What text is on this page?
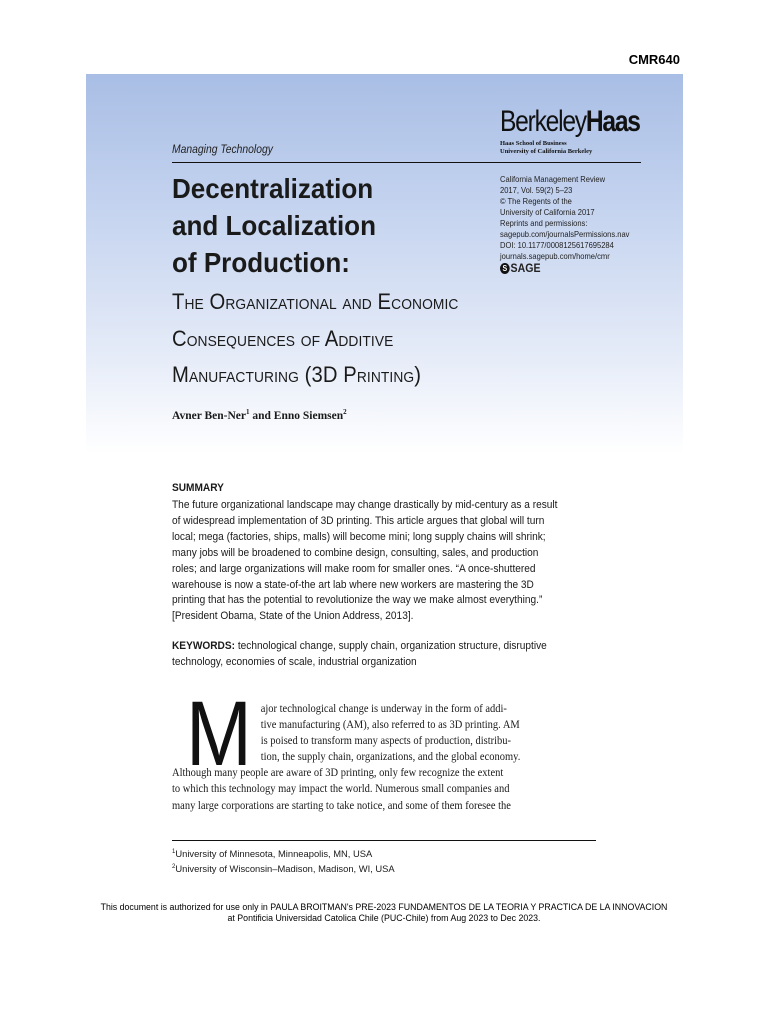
CMR640
BerkeleyHaas
Haas School of Business
University of California Berkeley
Managing Technology
Decentralization
and Localization
of Production:
California Management Review
2017, Vol. 59(2) 5–23
© The Regents of the
University of California 2017
Reprints and permissions:
sagepub.com/journalsPermissions.nav
DOI: 10.1177/0008125617695284
journals.sagepub.com/home/cmr
S SAGE
The Organizational and Economic
Consequences of Additive
Manufacturing (3D Printing)
Avner Ben-Ner$^1$ and Enno Siemsen$^2$
SUMMARY
The future organizational landscape may change drastically by mid-century as a result
of widespread implementation of 3D printing. This article argues that global will turn
local; mega (factories, ships, malls) will become mini; long supply chains will shrink;
many jobs will be broadened to combine design, consulting, sales, and production
roles; and large organizations will make room for smaller ones. “A once-shuttered
warehouse is now a state-of-the art lab where new workers are mastering the 3D
printing that has the potential to revolutionize the way we make almost everything.”
[President Obama, State of the Union Address, 2013].
KEYWORDS: technological change, supply chain, organization structure, disruptive
technology, economies of scale, industrial organization
M ajor technological change is underway in the form of addi-
tive manufacturing (AM), also referred to as 3D printing. AM
is poised to transform many aspects of production, distribu-
tion, the supply chain, organizations, and the global economy.
Although many people are aware of 3D printing, only few recognize the extent
to which this technology may impact the world. Numerous small companies and
many large corporations are starting to take notice, and some of them foresee the
$^1$University of Minnesota, Minneapolis, MN, USA
$^2$University of Wisconsin–Madison, Madison, WI, USA
This document is authorized for use only in PAULA BROITMAN's PRE-2023 FUNDAMENTOS DE LA TEORIA Y PRACTICA DE LA INNOVACION
at Pontificia Universidad Catolica Chile (PUC-Chile) from Aug 2023 to Dec 2023.
